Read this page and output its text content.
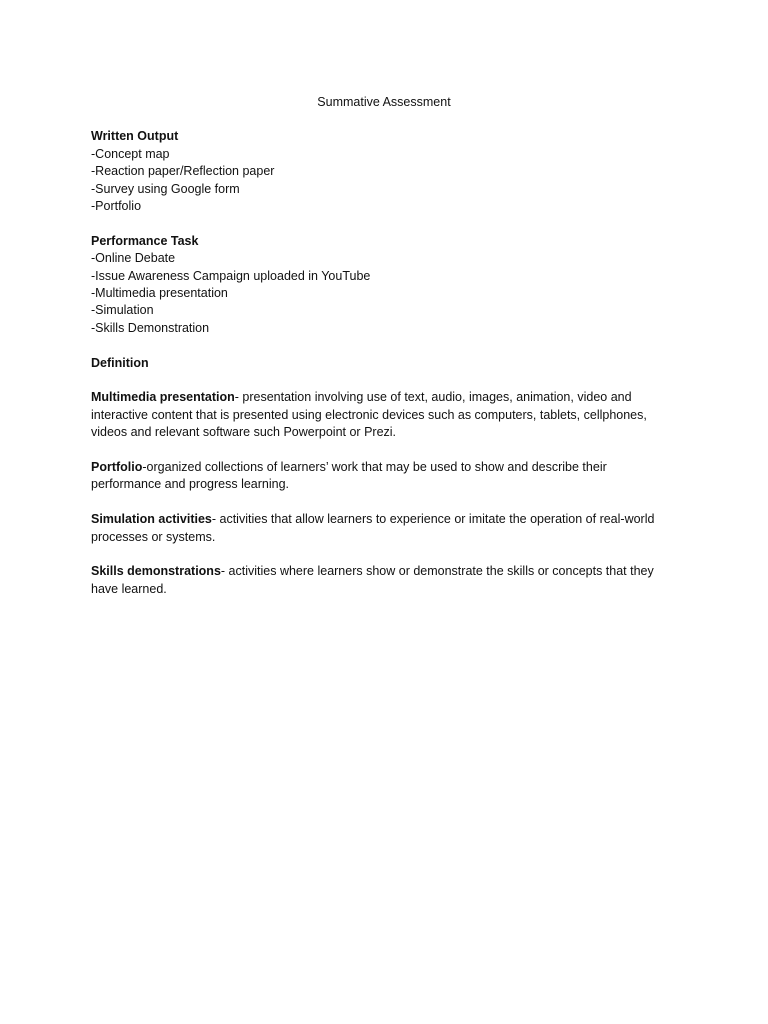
Summative Assessment
Written Output
-Concept map
-Reaction paper/Reflection paper
-Survey using Google form
-Portfolio
Performance Task
-Online Debate
-Issue Awareness Campaign uploaded in YouTube
-Multimedia presentation
-Simulation
-Skills Demonstration
Definition

Multimedia presentation- presentation involving use of text, audio, images, animation, video and interactive content that is presented using electronic devices such as computers, tablets, cellphones, videos and relevant software such Powerpoint or Prezi.

Portfolio-organized collections of learners’ work that may be used to show and describe their performance and progress learning.

Simulation activities- activities that allow learners to experience or imitate the operation of real-world processes or systems.

Skills demonstrations- activities where learners show or demonstrate the skills or concepts that they have learned.
